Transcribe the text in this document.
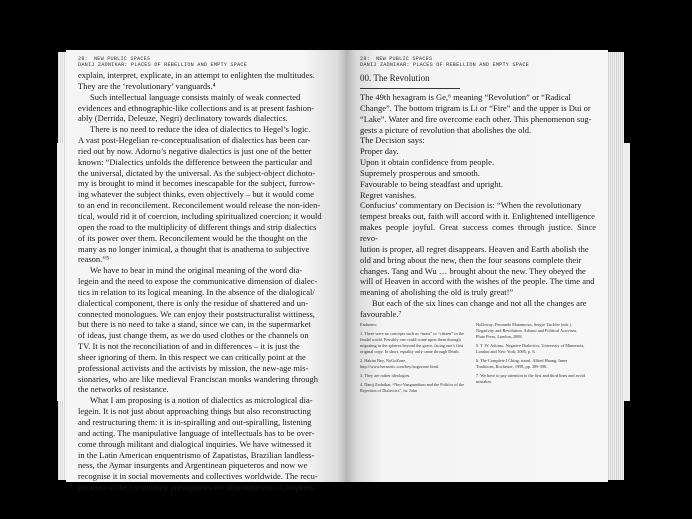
28: NEW PUBLIC SPACES
DANIJ ZADNIKAR: PLACES OF REBELLION AND EMPTY SPACE

explain, interpret, explicate, in an attempt to enlighten the multitudes.
They are the ‘revolutionary’ vanguards.⁴

Such intellectual language consists mainly of weak connected
evidences and ethnographic-like collections and is at present fashion-
ably (Derrida, Deleuze, Negri) declinatory towards dialectics.

There is no need to reduce the idea of dialectics to Hegel’s logic.
A vast post-Hegelian re-conceptualisation of dialectics has been car-
ried out by now. Adorno’s negative dialectics is just one of the better
known: “Dialectics unfolds the difference between the particular and
the universal, dictated by the universal. As the subject-object dichoto-
my is brought to mind it becomes inescapable for the subject, furrow-
ing whatever the subject thinks, even objectively – but it would come
to an end in reconcilement. Reconcilement would release the non-iden-
tical, would rid it of coercion, including spiritualized coercion; it would
open the road to the multiplicity of different things and strip dialectics
of its power over them. Reconcilement would be the thought on the
many as no longer inimical, a thought that is anathema to subjective
reason.”⁵

We have to bear in mind the original meaning of the word dia-
legein and the need to expose the communicative dimension of dialec-
tics in relation to its logical meaning. In the absence of the dialogical/
dialectical component, there is only the residue of shattered and un-
connected monologues. We can enjoy their poststructuralist wittiness,
but there is no need to take a stand, since we can, in the supermarket
of ideas, just change them, as we do used clothes or the channels on
TV. It is not the reconciliation of and in differences – it is just the
sheer ignoring of them. In this respect we can critically point at the
professional activists and the activists by mission, the new-age mis-
sionaries, who are like medieval Franciscan monks wandering through
the networks of resistance.

What I am proposing is a notion of dialectics as micrological dia-
legein. It is not just about approaching things but also reconstructing
and restructuring them: it is in-spiralling and out-spiralling, listening
and acting. The manipulative language of intellectuals has to be over-
come through militant and dialogical inquiries. We have witnessed it
in the Latin American enquentrismo of Zapatistas, Brazilian landless-
ness, the Aymar insurgents and Argentinean piqueteros and now we
recognise it in social movements and collectives worldwide. The recu-
peration of the community presupposes the abandonment of prophets.

29: NEW PUBLIC SPACES
DANIJ ZADNIKAR: PLACES OF REBELLION AND EMPTY SPACE
00. The Revolution

The 49th hexagram is Ge,⁶ meaning “Revolution” or “Radical
Change”. The bottom trigram is Li or “Fire” and the upper is Dui or
“Lake”. Water and fire overcome each other. This phenomenon sug-
gests a picture of revolution that abolishes the old.
The Decision says:

Proper day.
Upon it obtain confidence from people.
Supremely prosperous and smooth.
Favourable to being steadfast and upright.
Regret vanishes.

Confucius’ commentary on Decision is: “When the revolutionary
tempest breaks out, faith will accord with it. Enlightened intelligence
makes people joyful. Great success comes through justice. Since revo-
lution is proper, all regret disappears. Heaven and Earth abolish the
old and bring about the new, then the four seasons complete their
changes. Tang and Wu … brought about the new. They obeyed the
will of Heaven in accord with the wishes of the people. The time and
meaning of abolishing the old is truly great!”

But each of the six lines can change and not all the changes are
favourable.⁷

Endnotes:

1. There were no concepts such as “mass” or “citizen” in the feudal world. Possibly one could come upon them through migrating in the spheres beyond the grave, facing one’s first original copy. In short, equality only came through Death.

2. Hakim Bey, NoGoZone, http://www.hermetic.com/bey/nogozone.html.

3. They are rather ideologies.

4. Danij Zadnikar, “Neo-Vanguardism and the Politics of the Rejection of Dialectics”, in: John

Holloway, Fernando Matamoros, Sergio Tischler (eds.), Negativity and Revolution. Adorno and Political Activism. Pluto Press, London, 2008.

5. T. W. Adorno, Negative Dialectics, University of Minnesota, London and New York, 2005, p. 6.

6. The Complete I Ching, transl. Alfred Huang, Inner Traditions, Rochester, 1998, pp. 389-396.

7. We have to pay attention to the first and third lines and avoid mistakes.
